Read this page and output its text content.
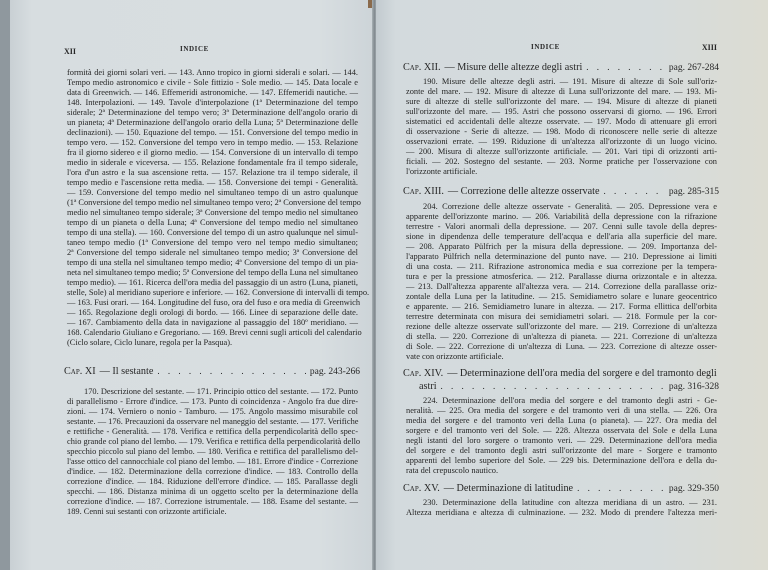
XII	INDICE
formità dei giorni solari veri. — 143. Anno tropico in giorni siderali e solari. — 144.
Tempo medio astronomico e civile - Sole fittizio - Sole medio. — 145. Data locale e
data di Greenwich. — 146. Effemeridi astronomiche. — 147. Effemeridi nautiche. —
148. Interpolazioni. — 149. Tavole d'interpolazione (1ª Determinazione del tempo
siderale; 2ª Determinazione del tempo vero; 3ª Determinazione dell'angolo orario di
un pianeta; 4ª Determinazione dell'angolo orario della Luna; 5ª Determinazione delle
declinazioni). — 150. Equazione del tempo. — 151. Conversione del tempo medio in
tempo vero. — 152. Conversione del tempo vero in tempo medio. — 153. Relazione
fra il giorno sidereo e il giorno medio. — 154. Conversione di un intervallo di tempo
medio in siderale e viceversa. — 155. Relazione fondamentale fra il tempo siderale,
l'ora d'un astro e la sua ascensione retta. — 157. Relazione tra il tempo siderale, il
tempo medio e l'ascensione retta media. — 158. Conversione dei tempi - Generalità.
— 159. Conversione del tempo medio nel simultaneo tempo di un astro qualunque
(1ª Conversione del tempo medio nel simultaneo tempo vero; 2ª Conversione del tempo
medio nel simultaneo tempo siderale; 3ª Conversione del tempo medio nel simultaneo
tempo di un pianeta o della Luna; 4ª Conversione del tempo medio nel simultaneo
tempo di una stella). — 160. Conversione del tempo di un astro qualunque nel simul-
taneo tempo medio (1ª Conversione del tempo vero nel tempo medio simultaneo;
2ª Conversione del tempo siderale nel simultaneo tempo medio; 3ª Conversione del
tempo di una stella nel simultaneo tempo medio; 4ª Conversione del tempo di un pia-
neta nel simultaneo tempo medio; 5ª Conversione del tempo della Luna nel simultaneo
tempo medio). — 161. Ricerca dell'ora media del passaggio di un astro (Luna, pianeti,
stelle, Sole) al meridiano superiore e inferiore. — 162. Conversione di intervalli di tempo.
— 163. Fusi orari. — 164. Longitudine del fuso, ora del fuso e ora media di Greenwich
— 165. Regolazione degli orologi di bordo. — 166. Linee di separazione delle date.
— 167. Cambiamento della data in navigazione al passaggio del 180º meridiano. —
168. Calendario Giuliano e Gregoriano. — 169. Brevi cenni sugli articoli del calendario
(Ciclo solare, Ciclo lunare, regola per la Pasqua).
Cap. XI — Il sestante . . .	pag. 243-266
170. Descrizione del sestante. — 171. Principio ottico del sestante. — 172. Punto
di parallelismo - Errore d'indice. — 173. Punto di coincidenza - Angolo fra due dire-
zioni. — 174. Verniero o nonio - Tamburo. — 175. Angolo massimo misurabile col
sestante. — 176. Precauzioni da osservare nel maneggio del sestante. — 177. Verifiche
e rettifiche - Generalità. — 178. Verifica e rettifica della perpendicolarità dello spec-
chio grande col piano del lembo. — 179. Verifica e rettifica della perpendicolarità dello
specchio piccolo sul piano del lembo. — 180. Verifica e rettifica del parallelismo del-
l'asse ottico del cannocchiale col piano del lembo. — 181. Errore d'indice - Correzione
d'indice. — 182. Determinazione della correzione d'indice. — 183. Controllo della
correzione d'indice. — 184. Riduzione dell'errore d'indice. — 185. Parallasse degli
specchi. — 186. Distanza minima di un oggetto scelto per la determinazione della
correzione d'indice. — 187. Correzione istrumentale. — 188. Esame del sestante. —
189. Cenni sui sestanti con orizzonte artificiale.
INDICE	XIII
Cap. XII. — Misure delle altezze degli astri . . .	pag. 267-284
190. Misure delle altezze degli astri. — 191. Misure di altezze di Sole sull'oriz-
zonte del mare. — 192. Misure di altezze di Luna sull'orizzonte del mare. — 193. Mi-
sure di altezze di stelle sull'orizzonte del mare. — 194. Misure di altezze di pianeti
sull'orizzonte del mare. — 195. Astri che possono osservarsi di giorno. — 196. Errori
sistematici ed accidentali delle altezze osservate. — 197. Modo di attenuare gli errori
di osservazione - Serie di altezze. — 198. Modo di riconoscere nelle serie di altezze
osservazioni errate. — 199. Riduzione di un'altezza all'orizzonte di un luogo vicino.
— 200. Misura di altezze sull'orizzonte artificiale. — 201. Vari tipi di orizzonti arti-
ficiali. — 202. Sostegno del sestante. — 203. Norme pratiche per l'osservazione con
l'orizzonte artificiale.
Cap. XIII. — Correzione delle altezze osservate . . .	pag. 285-315
204. Correzione delle altezze osservate - Generalità. — 205. Depressione vera e
apparente dell'orizzonte marino. — 206. Variabilità della depressione con la rifrazione
terrestre - Valori anormali della depressione. — 207. Cenni sulle tavole della depres-
sione in dipendenza delle temperature dell'acqua e dell'aria alla superficie del mare.
— 208. Apparato Pülfrich per la misura della depressione. — 209. Importanza del-
l'apparato Pülfrich nella determinazione del punto nave. — 210. Depressione ai limiti
di una costa. — 211. Rifrazione astronomica media e sua correzione per la tempera-
tura e per la pressione atmosferica. — 212. Parallasse diurna orizzontale e in altezza.
— 213. Dall'altezza apparente all'altezza vera. — 214. Correzione della parallasse oriz-
zontale della Luna per la latitudine. — 215. Semidiametro solare e lunare geocentrico
e apparente. — 216. Semidiametro lunare in altezza. — 217. Forma ellittica dell'orbita
terrestre determinata con misura dei semidiametri solari. — 218. Formule per la cor-
rezione delle altezze osservate sull'orizzonte del mare. — 219. Correzione di un'altezza
di stella. — 220. Correzione di un'altezza di pianeta. — 221. Correzione di un'altezza
di Sole. — 222. Correzione di un'altezza di Luna. — 223. Correzione di altezze osser-
vate con orizzonte artificiale.
Cap. XIV. — Determinazione dell'ora media del sorgere e del tramonto degli
astri . . .	pag. 316-328
224. Determinazione dell'ora media del sorgere e del tramonto degli astri - Ge-
neralità. — 225. Ora media del sorgere e del tramonto veri di una stella. — 226. Ora
media del sorgere e del tramonto veri della Luna (o pianeta). — 227. Ora media del
sorgere e del tramonto veri del Sole. — 228. Altezza osservata del Sole e della Luna
negli istanti del loro sorgere o tramonto veri. — 229. Determinazione dell'ora media
del sorgere e del tramonto degli astri sull'orizzonte del mare - Sorgere e tramonto
apparenti del lembo superiore del Sole. — 229 bis. Determinazione dell'ora e della du-
rata del crepuscolo nautico.
Cap. XV. — Determinazione di latitudine . . .	pag. 329-350
230. Determinazione della latitudine con altezza meridiana di un astro. — 231.
Altezza meridiana e altezza di culminazione. — 232. Modo di prendere l'altezza meri-
